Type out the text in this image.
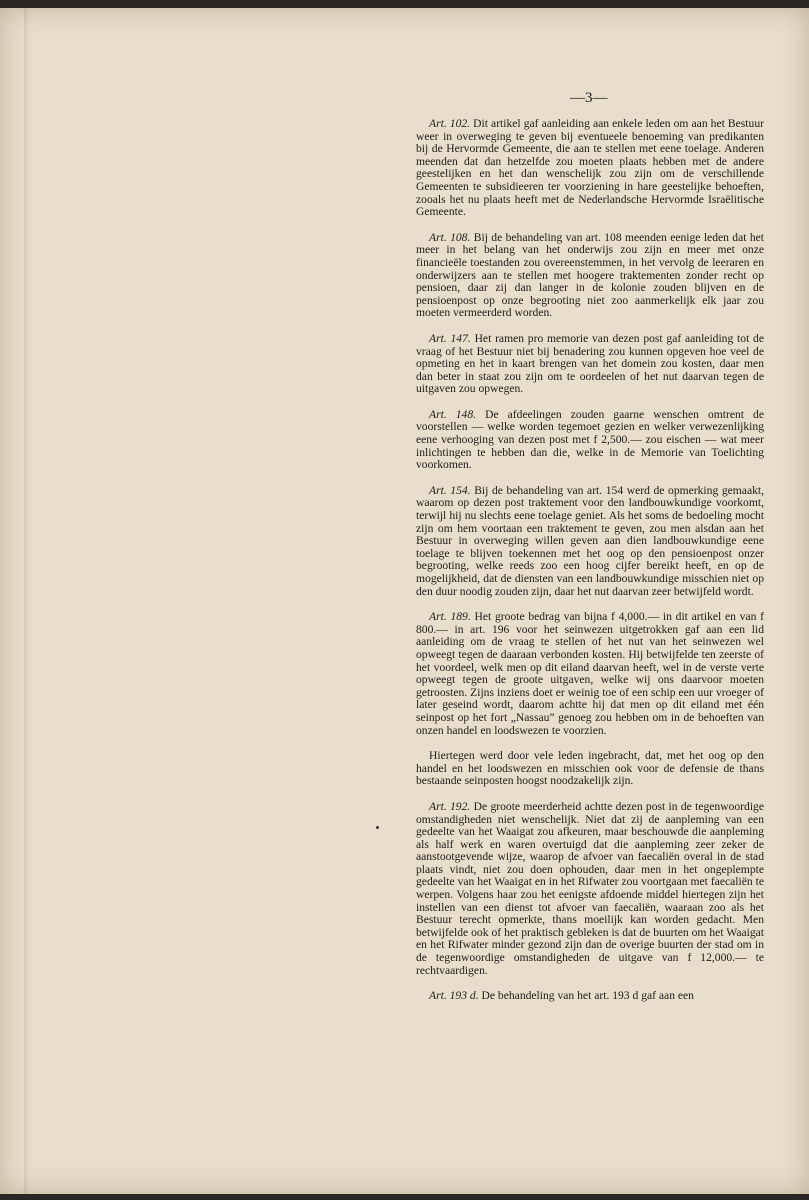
—3—

Art. 102. Dit artikel gaf aanleiding aan enkele leden om aan het Bestuur weer in overweging te geven bij eventueele benoeming van predikanten bij de Hervormde Gemeente, die aan te stellen met eene toelage. Anderen meenden dat dan hetzelfde zou moeten plaats hebben met de andere geestelijken en het dan wenschelijk zou zijn om de verschillende Gemeenten te subsidieeren ter voorziening in hare geestelijke behoeften, zooals het nu plaats heeft met de Nederlandsche Hervormde Israëlitische Gemeente.

Art. 108. Bij de behandeling van art. 108 meenden eenige leden dat het meer in het belang van het onderwijs zou zijn en meer met onze financieële toestanden zou overeenstemmen, in het vervolg de leeraren en onderwijzers aan te stellen met hoogere traktementen zonder recht op pensioen, daar zij dan langer in de kolonie zouden blijven en de pensioenpost op onze begrooting niet zoo aanmerkelijk elk jaar zou moeten vermeerderd worden.

Art. 147. Het ramen pro memorie van dezen post gaf aanleiding tot de vraag of het Bestuur niet bij benadering zou kunnen opgeven hoe veel de opmeting en het in kaart brengen van het domein zou kosten, daar men dan beter in staat zou zijn om te oordeelen of het nut daarvan tegen de uitgaven zou opwegen.

Art. 148. De afdeelingen zouden gaarne wenschen omtrent de voorstellen — welke worden tegemoet gezien en welker verwezenlijking eene verhooging van dezen post met f 2,500.— zou eischen — wat meer inlichtingen te hebben dan die, welke in de Memorie van Toelichting voorkomen.

Art. 154. Bij de behandeling van art. 154 werd de opmerking gemaakt, waarom op dezen post traktement voor den landbouwkundige voorkomt, terwijl hij nu slechts eene toelage geniet. Als het soms de bedoeling mocht zijn om hem voortaan een traktement te geven, zou men alsdan aan het Bestuur in overweging willen geven aan dien landbouwkundige eene toelage te blijven toekennen met het oog op den pensioenpost onzer begrooting, welke reeds zoo een hoog cijfer bereikt heeft, en op de mogelijkheid, dat de diensten van een landbouwkundige misschien niet op den duur noodig zouden zijn, daar het nut daarvan zeer betwijfeld wordt.

Art. 189. Het groote bedrag van bijna f 4,000.— in dit artikel en van f 800.— in art. 196 voor het seinwezen uitgetrokken gaf aan een lid aanleiding om de vraag te stellen of het nut van het seinwezen wel opweegt tegen de daaraan verbonden kosten. Hij betwijfelde ten zeerste of het voordeel, welk men op dit eiland daarvan heeft, wel in de verste verte opweegt tegen de groote uitgaven, welke wij ons daarvoor moeten getroosten. Zijns inziens doet er weinig toe of een schip een uur vroeger of later geseind wordt, daarom achtte hij dat men op dit eiland met één seinpost op het fort „Nassau” genoeg zou hebben om in de behoeften van onzen handel en loodswezen te voorzien.

Hiertegen werd door vele leden ingebracht, dat, met het oog op den handel en het loodswezen en misschien ook voor de defensie de thans bestaande seinposten hoogst noodzakelijk zijn.

Art. 192. De groote meerderheid achtte dezen post in de tegenwoordige omstandigheden niet wenschelijk. Niet dat zij de aanpleming van een gedeelte van het Waaigat zou afkeuren, maar beschouwde die aanpleming als half werk en waren overtuigd dat die aanpleming zeer zeker de aanstootgevende wijze, waarop de afvoer van faecaliën overal in de stad plaats vindt, niet zou doen ophouden, daar men in het ongeplempte gedeelte van het Waaigat en in het Rifwater zou voortgaan met faecaliën te werpen. Volgens haar zou het eenigste afdoende middel hiertegen zijn het instellen van een dienst tot afvoer van faecaliën, waaraan zoo als het Bestuur terecht opmerkte, thans moeilijk kan worden gedacht. Men betwijfelde ook of het praktisch gebleken is dat de buurten om het Waaigat en het Rifwater minder gezond zijn dan de overige buurten der stad om in de tegenwoordige omstandigheden de uitgave van f 12,000.— te rechtvaardigen.

Art. 193 d. De behandeling van het art. 193 d gaf aan een
